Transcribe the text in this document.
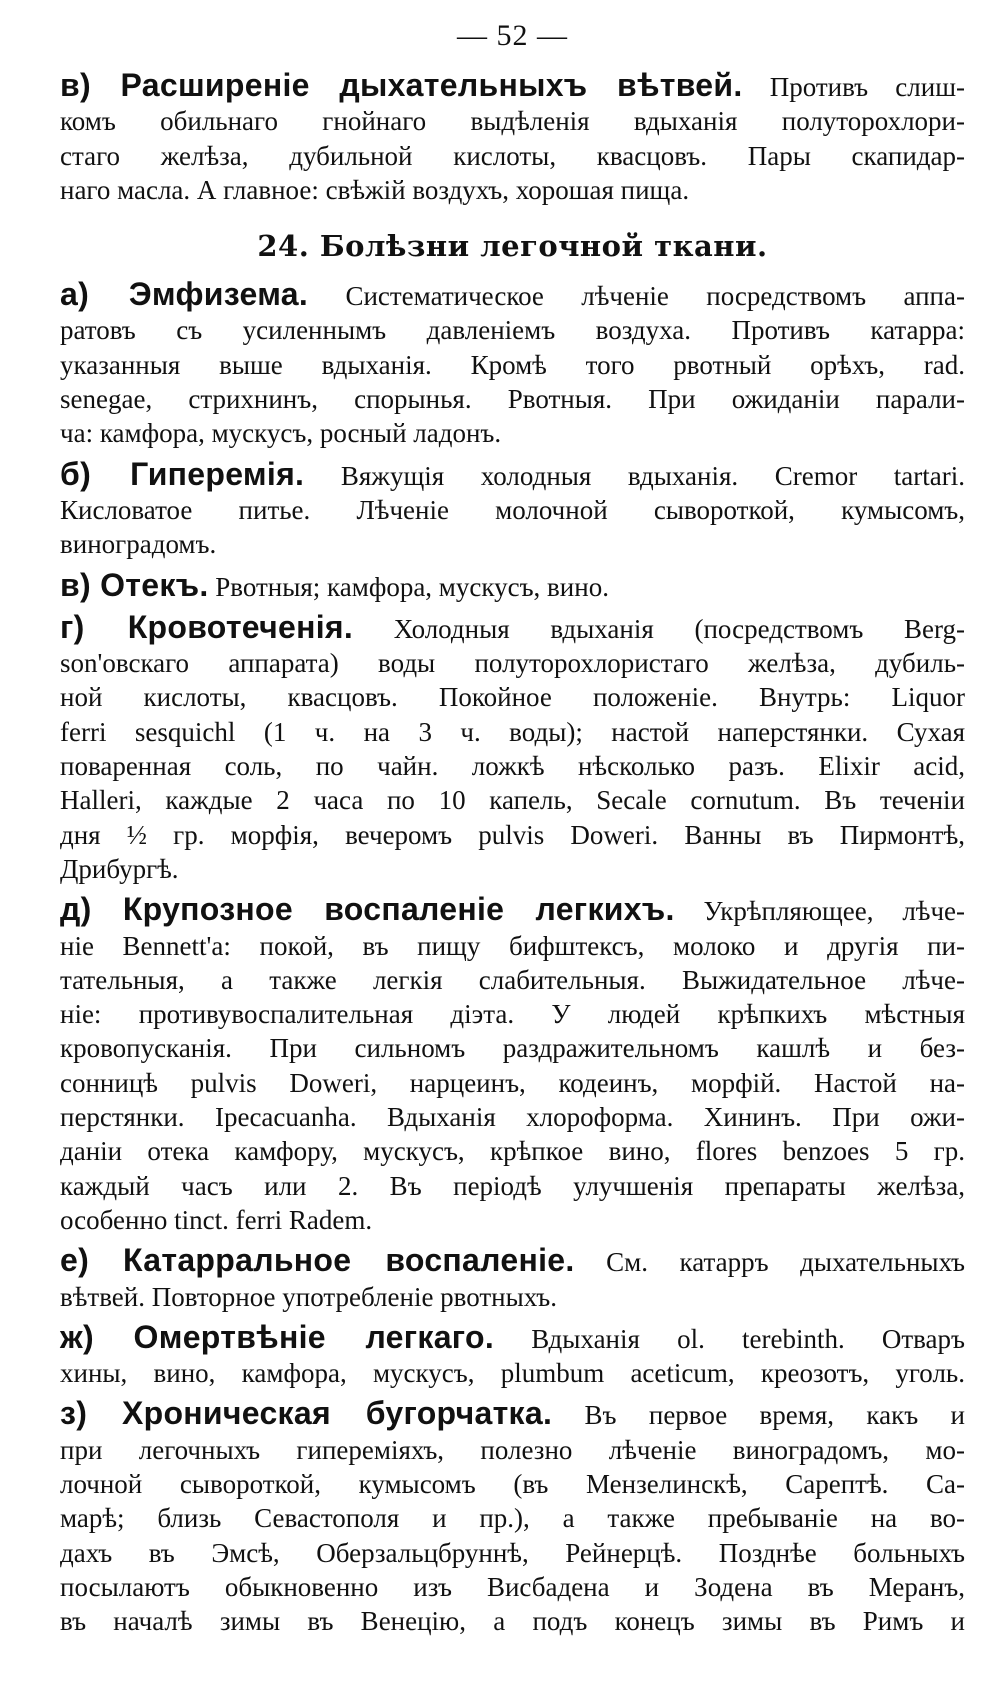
— 52 —
в) Расширеніе дыхательныхъ вѣтвей. Противъ слиш-
комъ обильнаго гнойнаго выдѣленія вдыханія полуторохлори-
стаго желѣза, дубильной кислоты, квасцовъ. Пары скапидар-
наго масла. А главное: свѣжій воздухъ, хорошая пища.
24. Болѣзни легочной ткани.
а) Эмфизема. Систематическое лѣченіе посредствомъ аппа-
ратовъ съ усиленнымъ давленіемъ воздуха. Противъ катарра:
указанныя выше вдыханія. Кромѣ того рвотный орѣхъ, rad.
senegae, стрихнинъ, спорынья. Рвотныя. При ожиданіи парали-
ча: камфора, мускусъ, росный ладонъ.
б) Гиперемія. Вяжущія холодныя вдыханія. Cremor tartari.
Кисловатое питье. Лѣченіе молочной сывороткой, кумысомъ,
виноградомъ.
в) Отекъ. Рвотныя; камфора, мускусъ, вино.
г) Кровотеченія. Холодныя вдыханія (посредствомъ Berg-
son'овскаго аппарата) воды полуторохлористаго желѣза, дубиль-
ной кислоты, квасцовъ. Покойное положеніе. Внутрь: Liquor
ferri sesquichl (1 ч. на 3 ч. воды); настой наперстянки. Сухая
поваренная соль, по чайн. ложкѣ нѣсколько разъ. Elixir acid,
Halleri, каждые 2 часа по 10 капель, Secale cornutum. Въ теченіи
дня ½ гр. морфія, вечеромъ pulvis Doweri. Ванны въ Пирмонтѣ,
Дрибургѣ.
д) Крупозное воспаленіе легкихъ. Укрѣпляющее, лѣче-
ніе Bennett'a: покой, въ пищу бифштексъ, молоко и другія пи-
тательныя, а также легкія слабительныя. Выжидательное лѣче-
ніе: противувоспалительная діэта. У людей крѣпкихъ мѣстныя
кровопусканія. При сильномъ раздражительномъ кашлѣ и без-
сонницѣ pulvis Doweri, нарцеинъ, кодеинъ, морфій. Настой на-
перстянки. Ipecacuanha. Вдыханія хлороформа. Хининъ. При ожи-
даніи отека камфору, мускусъ, крѣпкое вино, flores benzoes 5 гр.
каждый часъ или 2. Въ періодѣ улучшенія препараты желѣза,
особенно tinct. ferri Radem.
е) Катарральное воспаленіе. См. катарръ дыхательныхъ
вѣтвей. Повторное употребленіе рвотныхъ.
ж) Омертвѣніе легкаго. Вдыханія ol. terebinth. Отваръ
хины, вино, камфора, мускусъ, plumbum aceticum, креозотъ, уголь.
з) Хроническая бугорчатка. Въ первое время, какъ и
при легочныхъ гипереміяхъ, полезно лѣченіе виноградомъ, мо-
лочной сывороткой, кумысомъ (въ Мензелинскѣ, Сарептѣ. Са-
марѣ; близь Севастополя и пр.), а также пребываніе на во-
дахъ въ Эмсѣ, Оберзальцбруннѣ, Рейнерцѣ. Позднѣе больныхъ
посылаютъ обыкновенно изъ Висбадена и Зодена въ Меранъ,
въ началѣ зимы въ Венецію, а подъ конецъ зимы въ Римъ и
